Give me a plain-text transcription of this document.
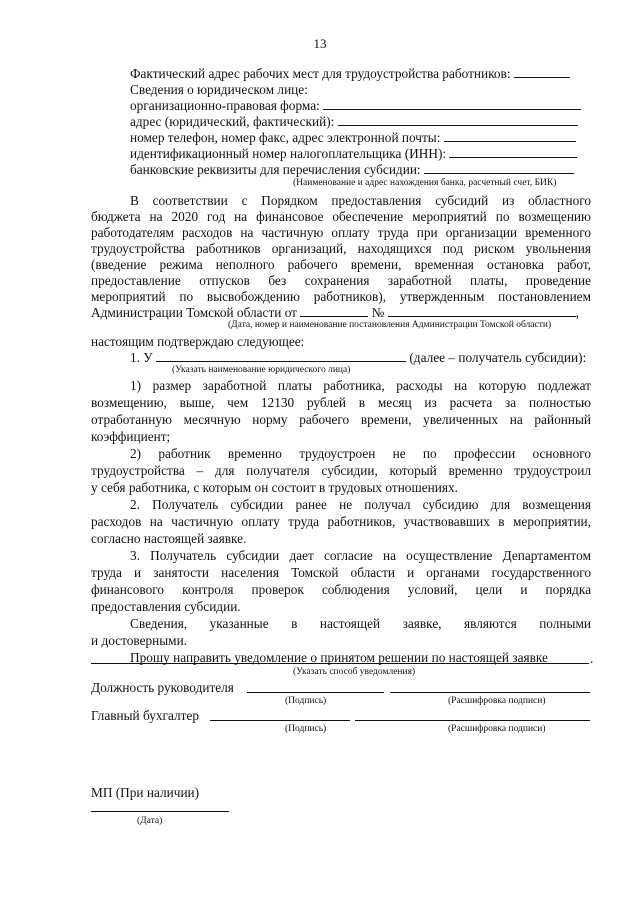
13
Фактический адрес рабочих мест для трудоустройства работников:
Сведения о юридическом лице:
организационно-правовая форма:
адрес (юридический, фактический):
номер телефон, номер факс, адрес электронной почты:
идентификационный номер налогоплательщика (ИНН):
банковские реквизиты для перечисления субсидии:
(Наименование и адрес нахождения банка, расчетный счет, БИК)
В соответствии с Порядком предоставления субсидий из областного
бюджета на 2020 год на финансовое обеспечение мероприятий по возмещению
работодателям расходов на частичную оплату труда при организации временного
трудоустройства работников организаций, находящихся под риском увольнения
(введение режима неполного рабочего времени, временная остановка работ,
предоставление отпусков без сохранения заработной платы, проведение
мероприятий по высвобождению работников), утвержденным постановлением
Администрации Томской области от	№	,
(Дата, номер и наименование постановления Администрации Томской области)
настоящим подтверждаю следующее:
1. У	(далее – получатель субсидии):
(Указать наименование юридического лица)
1) размер заработной платы работника, расходы на которую подлежат
возмещению, выше, чем 12130 рублей в месяц из расчета за полностью
отработанную месячную норму рабочего времени, увеличенных на районный
коэффициент;
2) работник временно трудоустроен не по профессии основного
трудоустройства – для получателя субсидии, который временно трудоустроил
у себя работника, с которым он состоит в трудовых отношениях.
2. Получатель субсидии ранее не получал субсидию для возмещения
расходов на частичную оплату труда работников, участвовавших в мероприятии,
согласно настоящей заявке.
3. Получатель субсидии дает согласие на осуществление Департаментом
труда и занятости населения Томской области и органами государственного
финансового контроля проверок соблюдения условий, цели и порядка
предоставления субсидии.
Сведения, указанные в настоящей заявке, являются полными
и достоверными.
Прошу направить уведомление о принятом решении по настоящей заявке	.
(Указать способ уведомления)
Должность руководителя
(Подпись)	(Расшифровка подписи)
Главный бухгалтер
(Подпись)	(Расшифровка подписи)
МП (При наличии)
(Дата)
